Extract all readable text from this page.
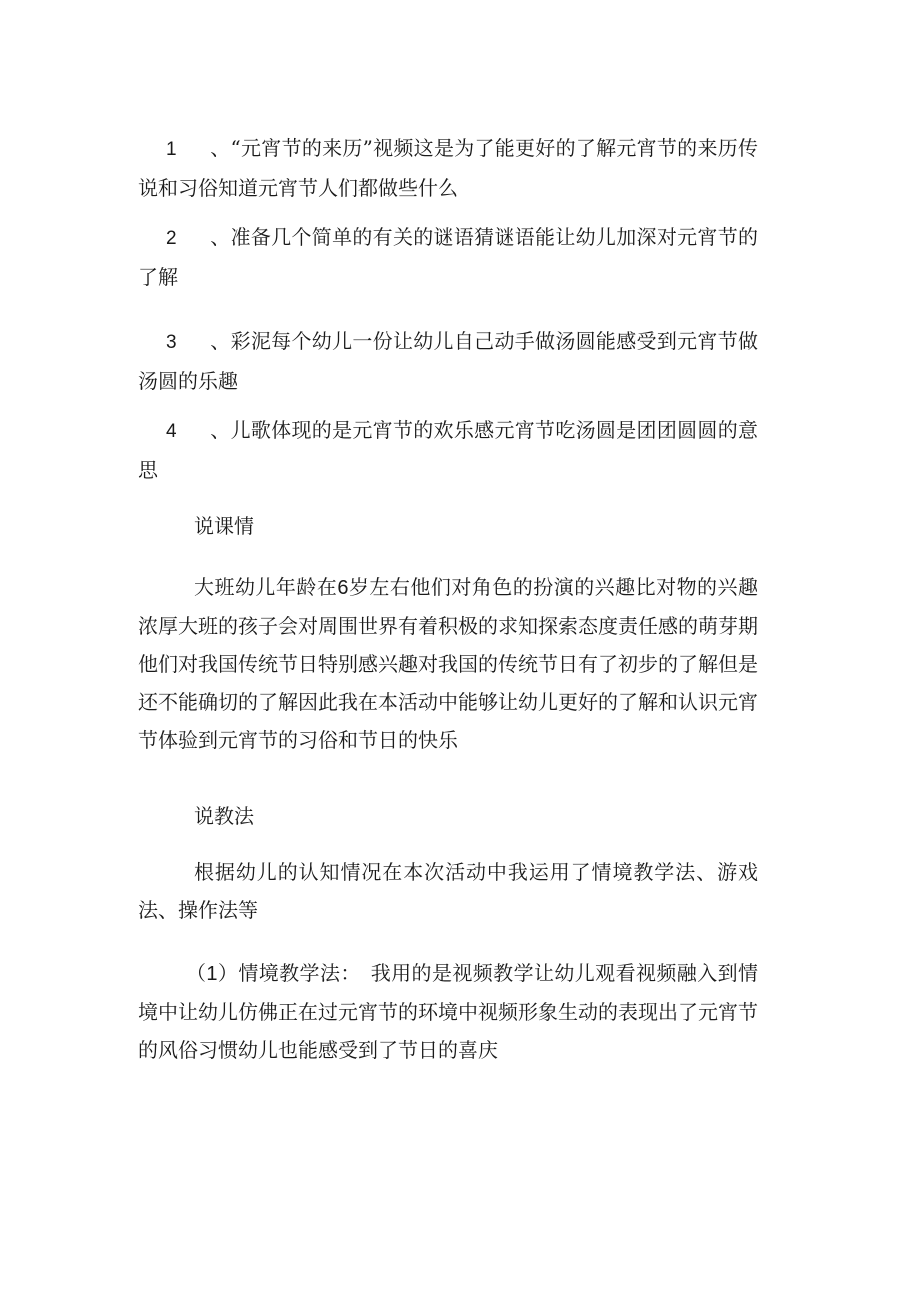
1 、“元宵节的来历”视频这是为了能更好的了解元宵节的来历传说和习俗知道元宵节人们都做些什么

2 、准备几个简单的有关的谜语猜谜语能让幼儿加深对元宵节的了解

3 、彩泥每个幼儿一份让幼儿自己动手做汤圆能感受到元宵节做汤圆的乐趣

4 、儿歌体现的是元宵节的欢乐感元宵节吃汤圆是团团圆圆的意思

说课情

大班幼儿年龄在6岁左右他们对角色的扮演的兴趣比对物的兴趣浓厚大班的孩子会对周围世界有着积极的求知探索态度责任感的萌芽期他们对我国传统节日特别感兴趣对我国的传统节日有了初步的了解但是还不能确切的了解因此我在本活动中能够让幼儿更好的了解和认识元宵节体验到元宵节的习俗和节日的快乐

说教法

根据幼儿的认知情况在本次活动中我运用了情境教学法、游戏法、操作法等

（1）情境教学法： 我用的是视频教学让幼儿观看视频融入到情境中让幼儿仿佛正在过元宵节的环境中视频形象生动的表现出了元宵节的风俗习惯幼儿也能感受到了节日的喜庆
